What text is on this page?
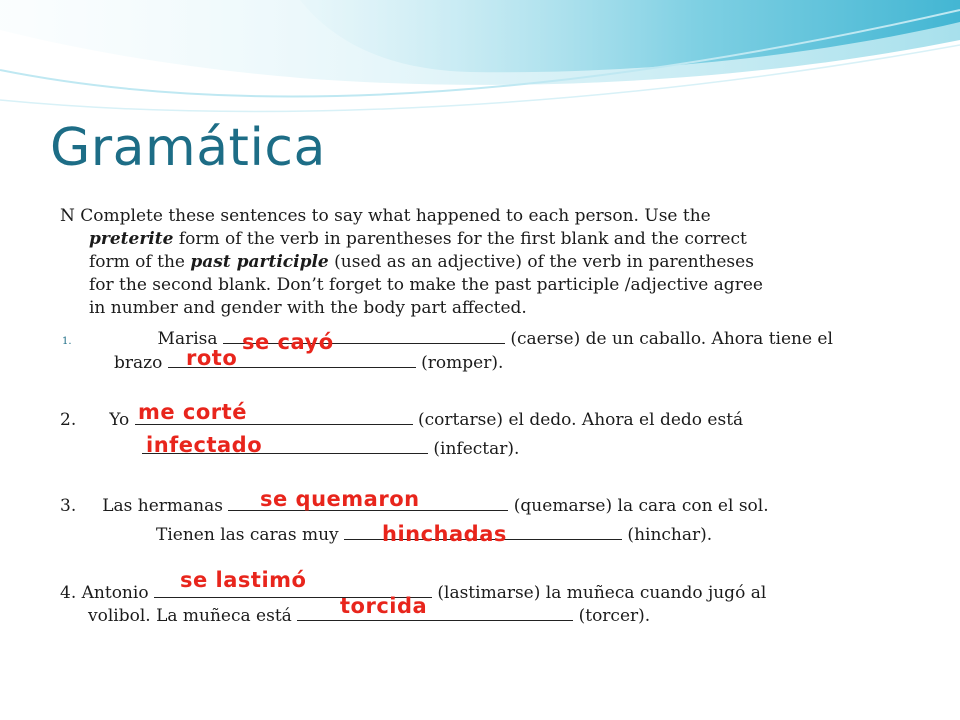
Gramática
N Complete these sentences to say what happened to each person. Use the
preterite form of the verb in parentheses for the first blank and the correct
form of the past participle (used as an adjective) of the verb in parentheses
for the second blank. Don’t forget to make the past participle /adjective agree
in number and gender with the body part affected.
1.	Marisa	(caerse) de un caballo. Ahora tiene el
brazo	(romper).
se cayó
roto
2. Yo	(cortarse) el dedo. Ahora el dedo está
(infectar).
me corté
infectado
3. Las hermanas	(quemarse) la cara con el sol.
Tienen las caras muy	(hinchar).
se quemaron
hinchadas
4. Antonio	(lastimarse) la muñeca cuando jugó al
volibol. La muñeca está	(torcer).
se lastimó
torcida
